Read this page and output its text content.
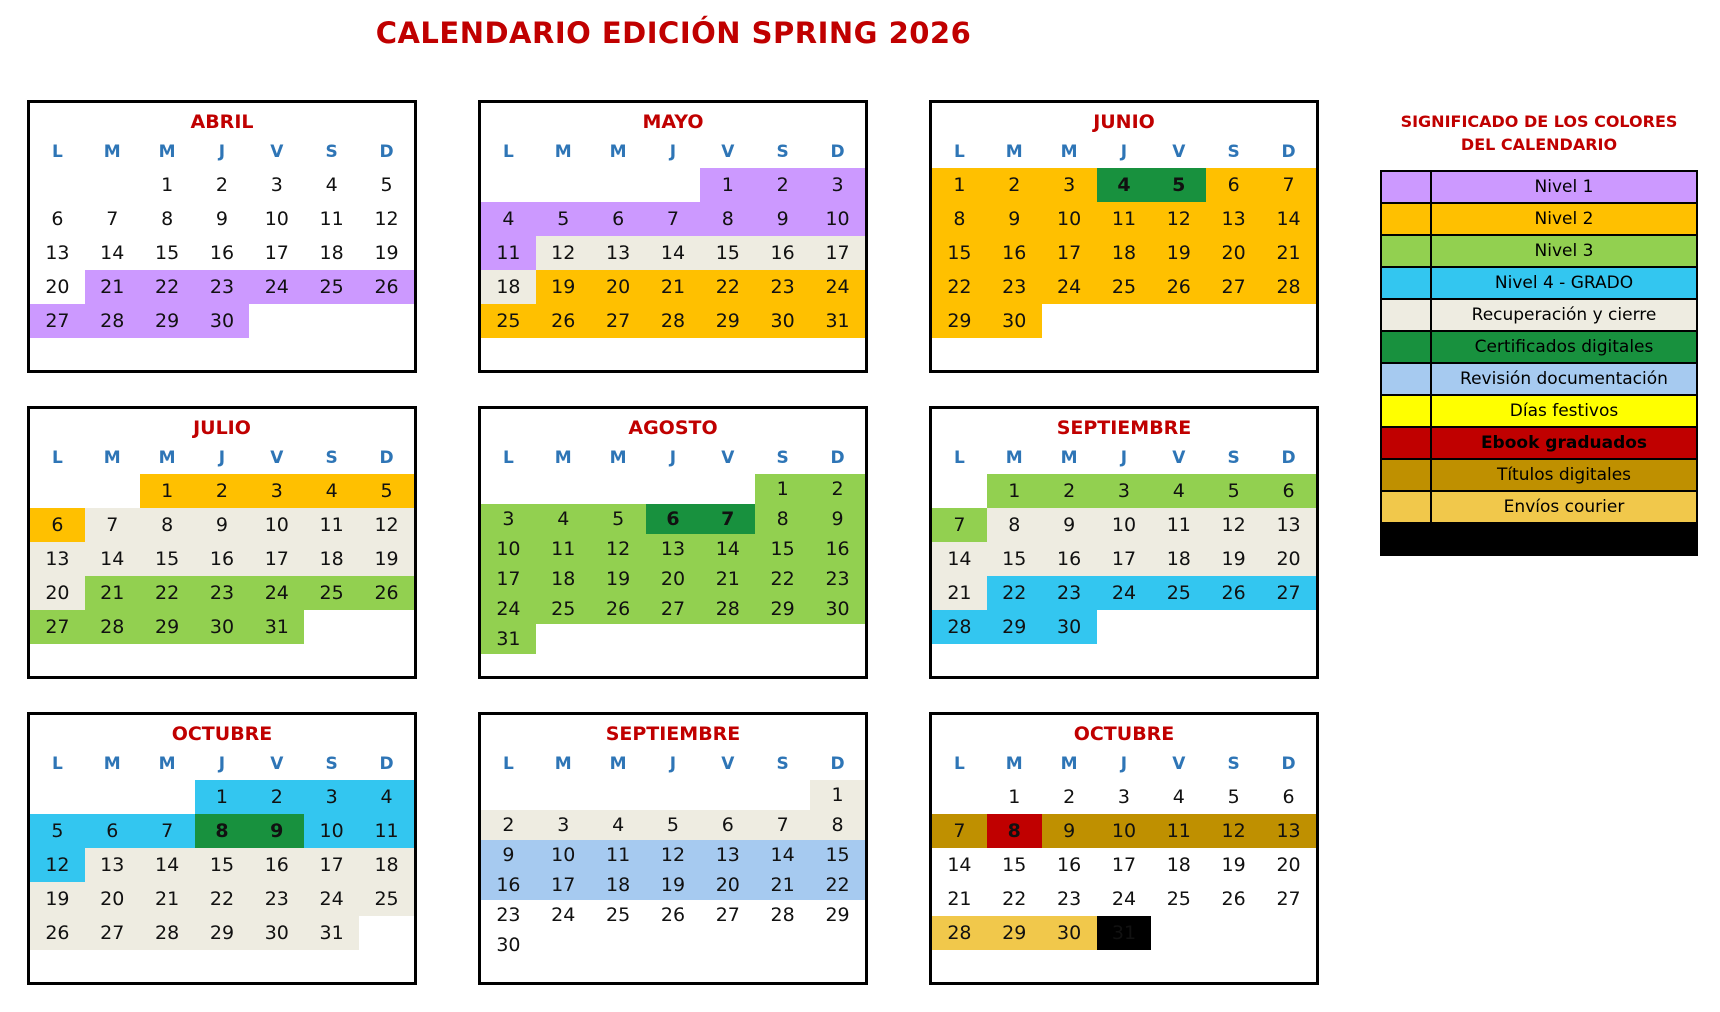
CALENDARIO EDICIÓN SPRING 2026
ABRIL
L	M	M	J	V	S	D
		1	2	3	4	5
6	7	8	9	10	11	12
13	14	15	16	17	18	19
20	21	22	23	24	25	26
27	28	29	30			
MAYO
L	M	M	J	V	S	D
				1	2	3
4	5	6	7	8	9	10
11	12	13	14	15	16	17
18	19	20	21	22	23	24
25	26	27	28	29	30	31
JUNIO
L	M	M	J	V	S	D
1	2	3	4	5	6	7
8	9	10	11	12	13	14
15	16	17	18	19	20	21
22	23	24	25	26	27	28
29	30					
JULIO
L	M	M	J	V	S	D
		1	2	3	4	5
6	7	8	9	10	11	12
13	14	15	16	17	18	19
20	21	22	23	24	25	26
27	28	29	30	31		
AGOSTO
L	M	M	J	V	S	D
					1	2
3	4	5	6	7	8	9
10	11	12	13	14	15	16
17	18	19	20	21	22	23
24	25	26	27	28	29	30
31						
SEPTIEMBRE
L	M	M	J	V	S	D
	1	2	3	4	5	6
7	8	9	10	11	12	13
14	15	16	17	18	19	20
21	22	23	24	25	26	27
28	29	30				
OCTUBRE
L	M	M	J	V	S	D
			1	2	3	4
5	6	7	8	9	10	11
12	13	14	15	16	17	18
19	20	21	22	23	24	25
26	27	28	29	30	31	
SEPTIEMBRE
L	M	M	J	V	S	D
						1
2	3	4	5	6	7	8
9	10	11	12	13	14	15
16	17	18	19	20	21	22
23	24	25	26	27	28	29
30						
OCTUBRE
L	M	M	J	V	S	D
	1	2	3	4	5	6
7	8	9	10	11	12	13
14	15	16	17	18	19	20
21	22	23	24	25	26	27
28	29	30	31			
SIGNIFICADO DE LOS COLORES
DEL CALENDARIO
	Nivel 1
	Nivel 2
	Nivel 3
	Nivel 4 - GRADO
	Recuperación y cierre
	Certificados digitales
	Revisión documentación
	Días festivos
	Ebook graduados
	Títulos digitales
	Envíos courier
	Cierre de fraternidad
